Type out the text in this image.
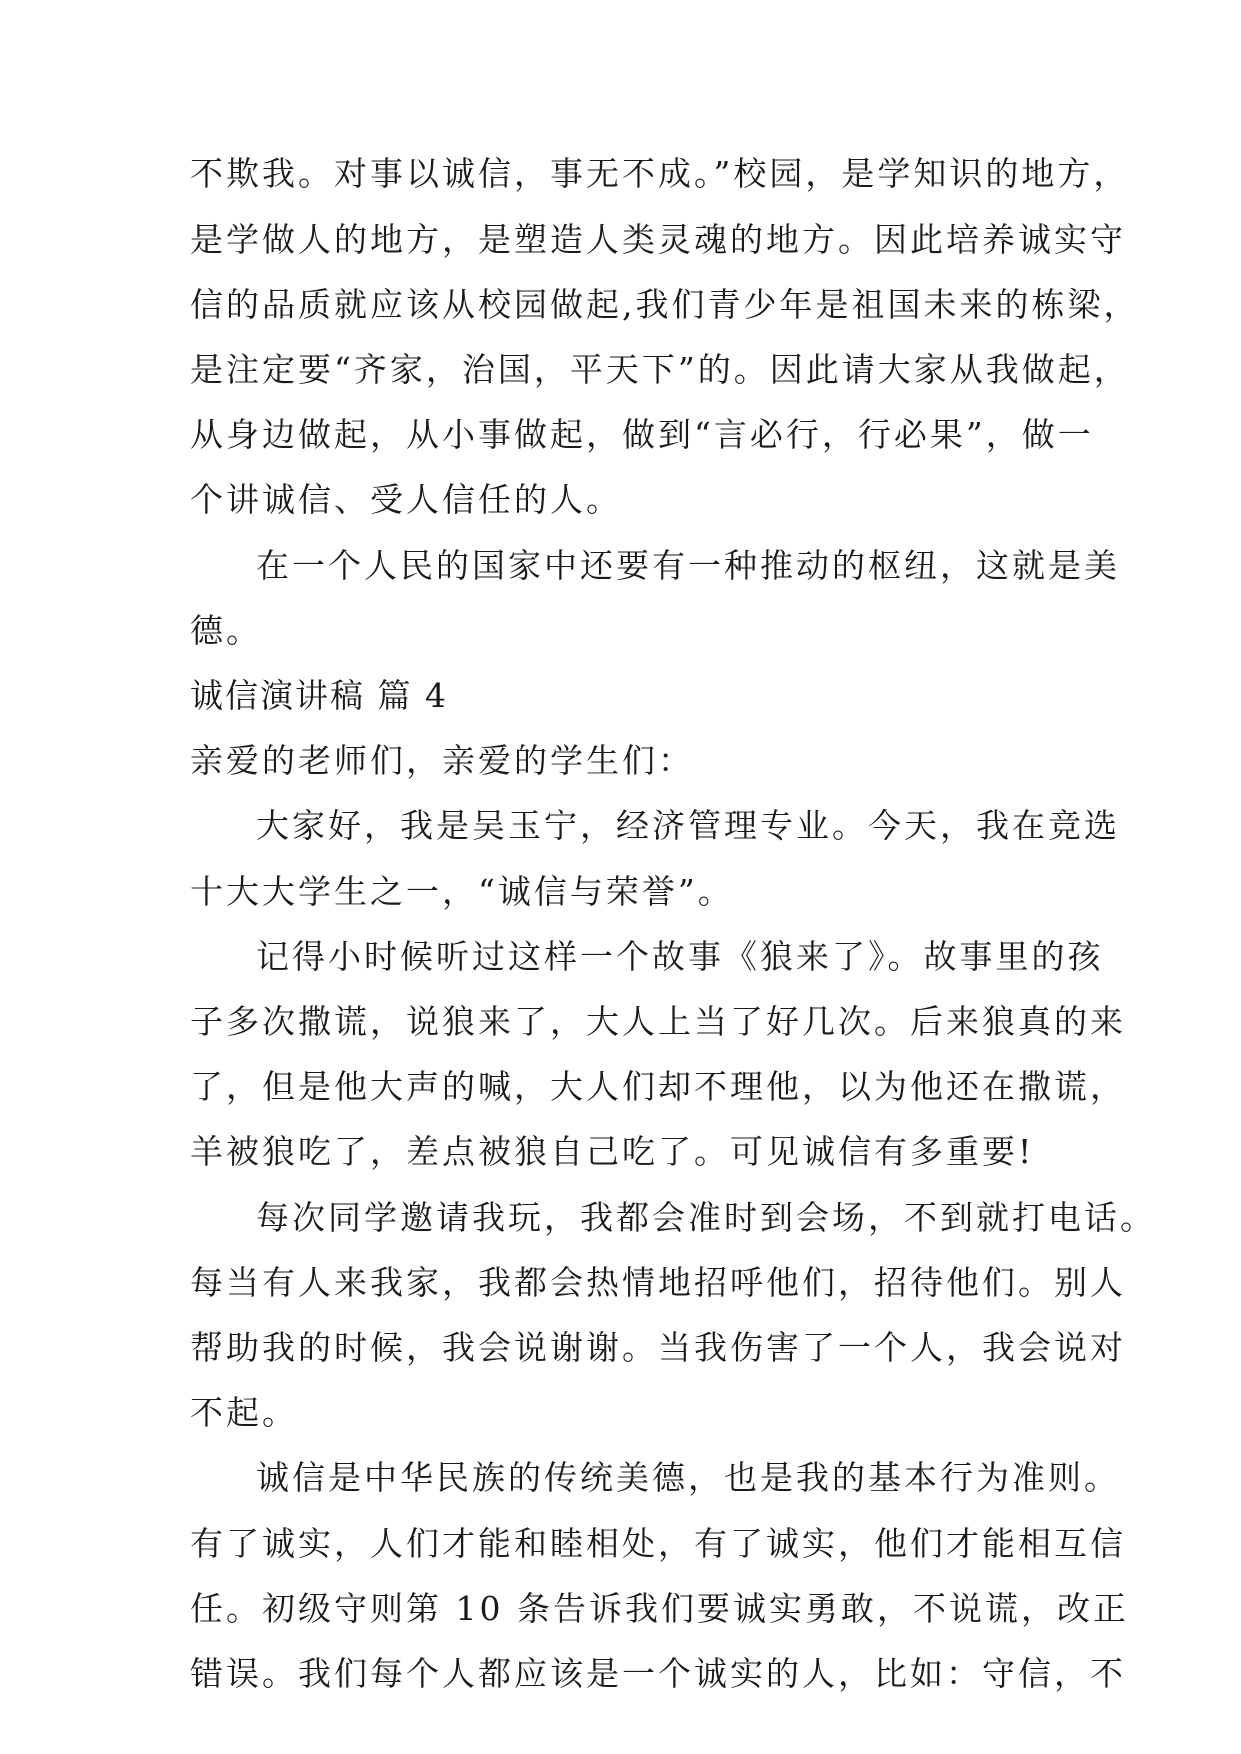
不欺我。对事以诚信，事无不成。”校园，是学知识的地方，
是学做人的地方，是塑造人类灵魂的地方。因此培养诚实守
信的品质就应该从校园做起,我们青少年是祖国未来的栋梁，
是注定要“齐家，治国，平天下”的。因此请大家从我做起，
从身边做起，从小事做起，做到“言必行，行必果”，做一
个讲诚信、受人信任的人。
在一个人民的国家中还要有一种推动的枢纽，这就是美
德。
诚信演讲稿 篇 4
亲爱的老师们，亲爱的学生们：
大家好，我是吴玉宁，经济管理专业。今天，我在竞选
十大大学生之一，“诚信与荣誉”。
记得小时候听过这样一个故事《狼来了》。故事里的孩
子多次撒谎，说狼来了，大人上当了好几次。后来狼真的来
了，但是他大声的喊，大人们却不理他，以为他还在撒谎，
羊被狼吃了，差点被狼自己吃了。可见诚信有多重要!
每次同学邀请我玩，我都会准时到会场，不到就打电话。
每当有人来我家，我都会热情地招呼他们，招待他们。别人
帮助我的时候，我会说谢谢。当我伤害了一个人，我会说对
不起。
诚信是中华民族的传统美德，也是我的基本行为准则。
有了诚实，人们才能和睦相处，有了诚实，他们才能相互信
任。初级守则第 10 条告诉我们要诚实勇敢，不说谎，改正
错误。我们每个人都应该是一个诚实的人，比如：守信，不
